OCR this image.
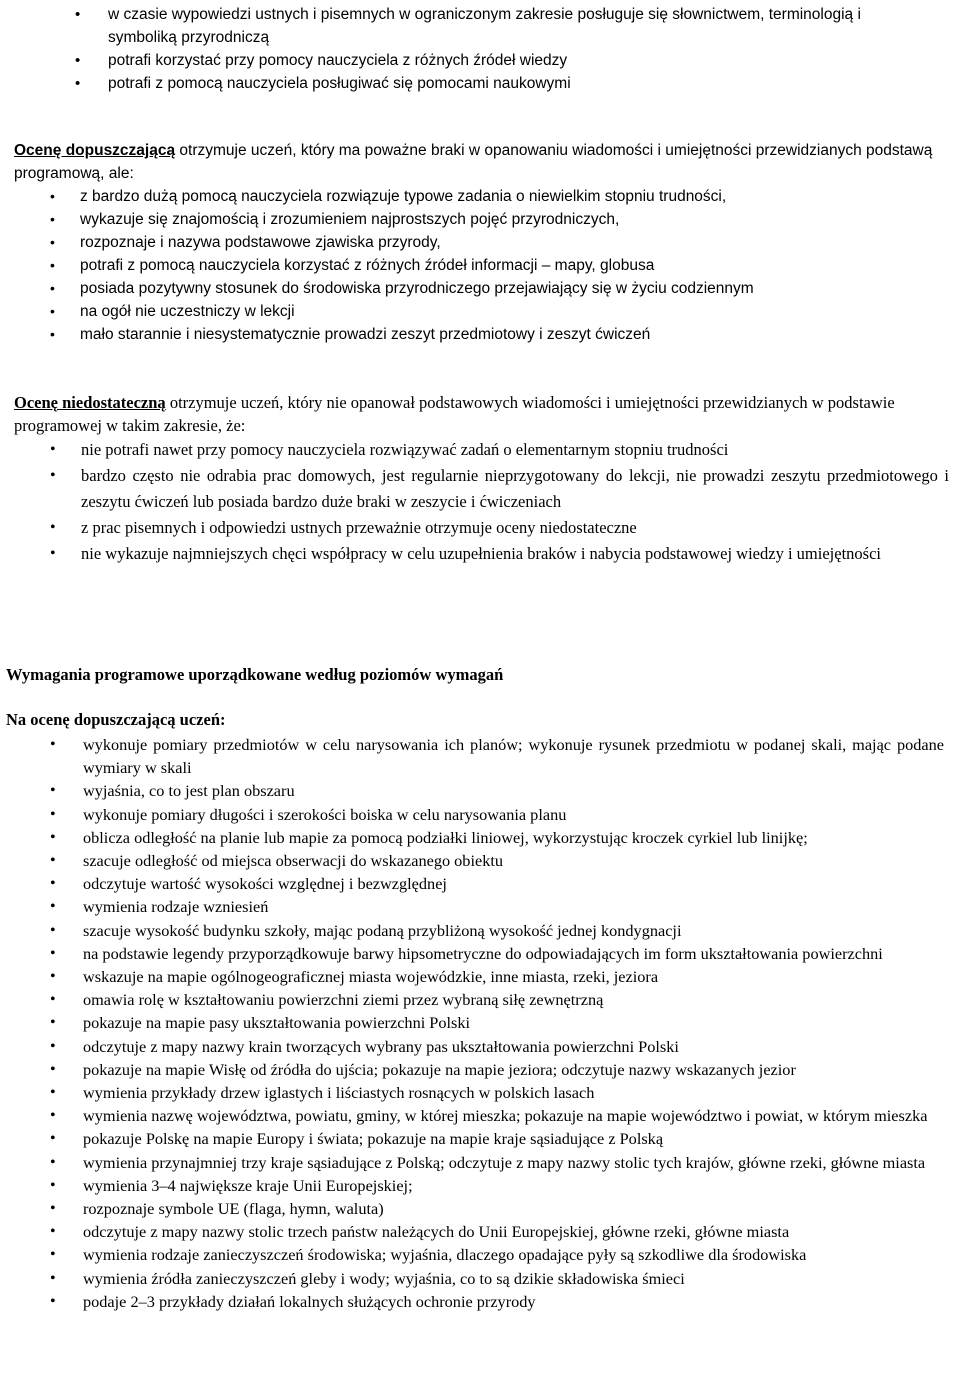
• w czasie wypowiedzi ustnych i pisemnych w ograniczonym zakresie posługuje się słownictwem, terminologią i symboliką przyrodniczą
• potrafi korzystać przy pomocy nauczyciela z różnych źródeł wiedzy
• potrafi z pomocą nauczyciela posługiwać się pomocami naukowymi
Ocenę dopuszczającą otrzymuje uczeń, który ma poważne braki w opanowaniu wiadomości i umiejętności przewidzianych podstawą programową, ale:
• z bardzo dużą pomocą nauczyciela rozwiązuje typowe zadania o niewielkim stopniu trudności,
• wykazuje się znajomością i zrozumieniem najprostszych pojęć przyrodniczych,
• rozpoznaje i nazywa podstawowe zjawiska przyrody,
• potrafi z pomocą nauczyciela korzystać z różnych źródeł informacji – mapy, globusa
• posiada pozytywny stosunek do środowiska przyrodniczego przejawiający się w życiu codziennym
• na ogół nie uczestniczy w lekcji
• mało starannie i niesystematycznie prowadzi zeszyt przedmiotowy i zeszyt ćwiczeń
Ocenę niedostateczną otrzymuje uczeń, który nie opanował podstawowych wiadomości i umiejętności przewidzianych w podstawie programowej w takim zakresie, że:
• nie potrafi nawet przy pomocy nauczyciela rozwiązywać zadań o elementarnym stopniu trudności
• bardzo często nie odrabia prac domowych, jest regularnie nieprzygotowany do lekcji, nie prowadzi zeszytu przedmiotowego i zeszytu ćwiczeń lub posiada bardzo duże braki w zeszycie i ćwiczeniach
• z prac pisemnych i odpowiedzi ustnych przeważnie otrzymuje oceny niedostateczne
• nie wykazuje najmniejszych chęci współpracy w celu uzupełnienia braków i nabycia podstawowej wiedzy i umiejętności
Wymagania programowe uporządkowane według poziomów wymagań
Na ocenę dopuszczającą uczeń:
• wykonuje pomiary przedmiotów w celu narysowania ich planów; wykonuje rysunek przedmiotu w podanej skali, mając podane wymiary w skali
• wyjaśnia, co to jest plan obszaru
• wykonuje pomiary długości i szerokości boiska w celu narysowania planu
• oblicza odległość na planie lub mapie za pomocą podziałki liniowej, wykorzystując kroczek cyrkiel lub linijkę;
• szacuje odległość od miejsca obserwacji do wskazanego obiektu
• odczytuje wartość wysokości względnej i bezwzględnej
• wymienia rodzaje wzniesień
• szacuje wysokość budynku szkoły, mając podaną przybliżoną wysokość jednej kondygnacji
• na podstawie legendy przyporządkowuje barwy hipsometryczne do odpowiadających im form ukształtowania powierzchni
• wskazuje na mapie ogólnogeograficznej miasta wojewódzkie, inne miasta, rzeki, jeziora
• omawia rolę w kształtowaniu powierzchni ziemi przez wybraną siłę zewnętrzną
• pokazuje na mapie pasy ukształtowania powierzchni Polski
• odczytuje z mapy nazwy krain tworzących wybrany pas ukształtowania powierzchni Polski
• pokazuje na mapie Wisłę od źródła do ujścia; pokazuje na mapie jeziora; odczytuje nazwy wskazanych jezior
• wymienia przykłady drzew iglastych i liściastych rosnących w polskich lasach
• wymienia nazwę województwa, powiatu, gminy, w której mieszka; pokazuje na mapie województwo i powiat, w którym mieszka
• pokazuje Polskę na mapie Europy i świata; pokazuje na mapie kraje sąsiadujące z Polską
• wymienia przynajmniej trzy kraje sąsiadujące z Polską; odczytuje z mapy nazwy stolic tych krajów, główne rzeki, główne miasta
• wymienia 3–4 największe kraje Unii Europejskiej;
• rozpoznaje symbole UE (flaga, hymn, waluta)
• odczytuje z mapy nazwy stolic trzech państw należących do Unii Europejskiej, główne rzeki, główne miasta
• wymienia rodzaje zanieczyszczeń środowiska; wyjaśnia, dlaczego opadające pyły są szkodliwe dla środowiska
• wymienia źródła zanieczyszczeń gleby i wody; wyjaśnia, co to są dzikie składowiska śmieci
• podaje 2–3 przykłady działań lokalnych służących ochronie przyrody
